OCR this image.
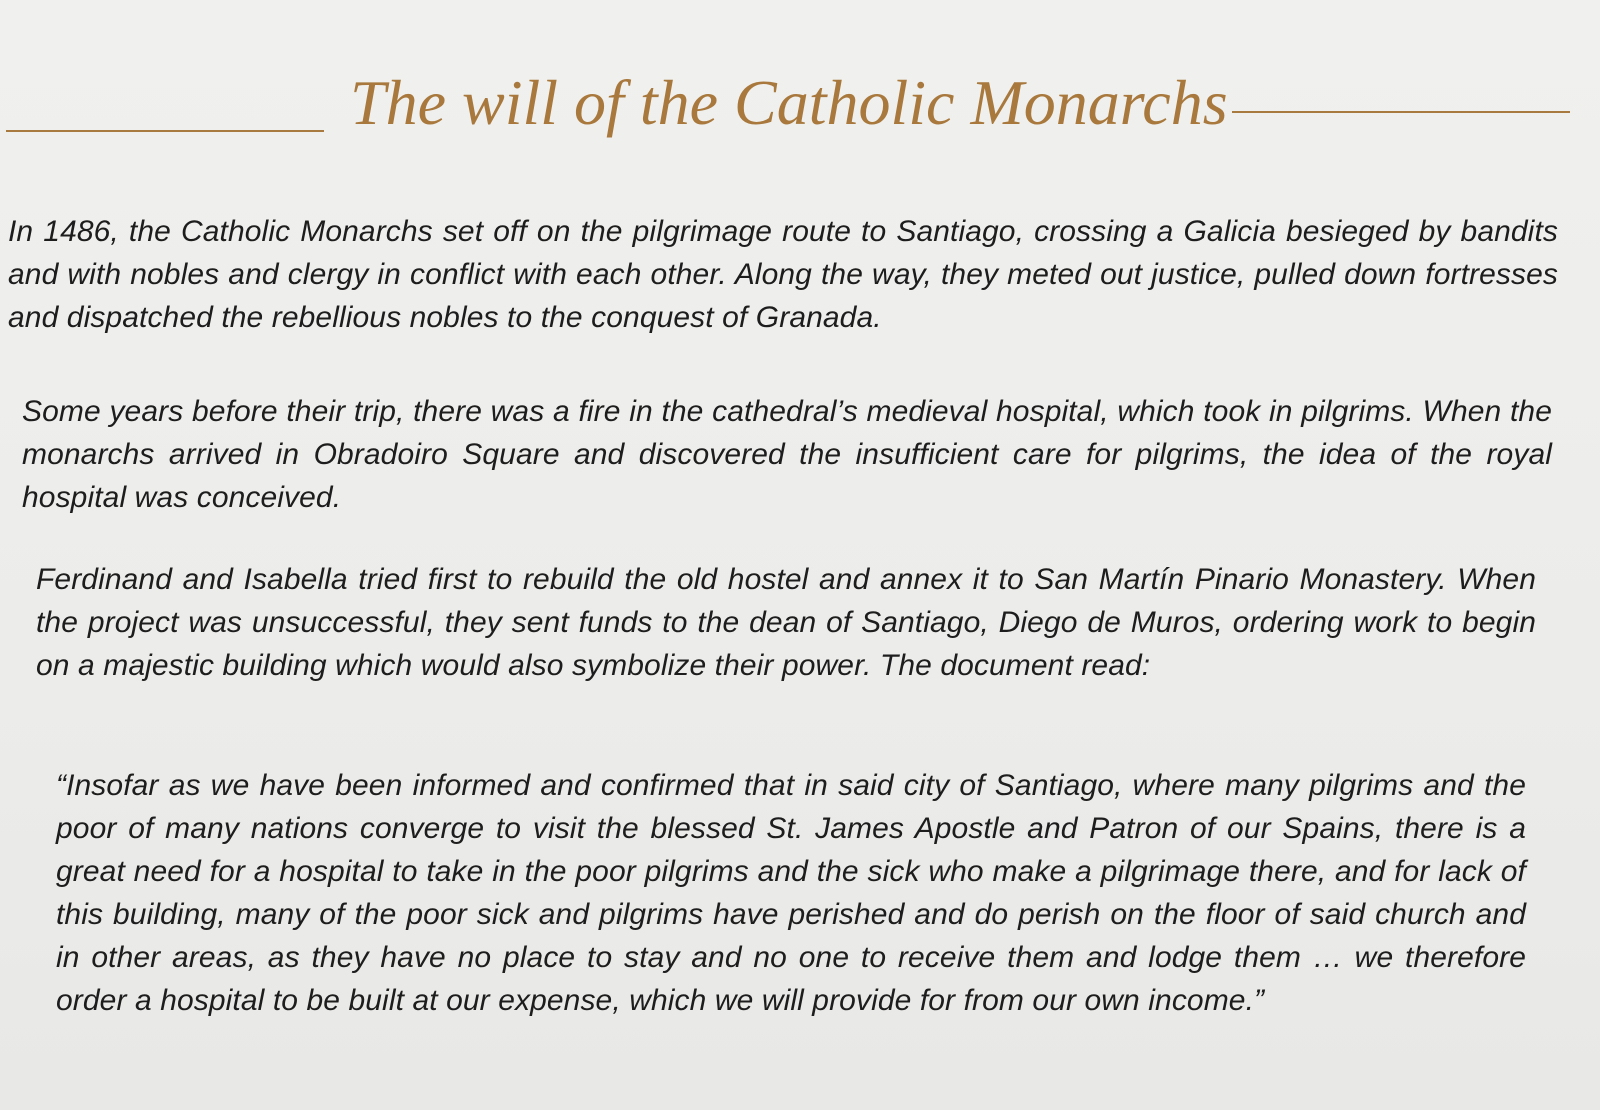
The will of the Catholic Monarchs

In 1486, the Catholic Monarchs set off on the pilgrimage route to Santiago, crossing a Galicia besieged by bandits and with nobles and clergy in conflict with each other. Along the way, they meted out justice, pulled down fortresses and dispatched the rebellious nobles to the conquest of Granada.

Some years before their trip, there was a fire in the cathedral’s medieval hospital, which took in pilgrims. When the monarchs arrived in Obradoiro Square and discovered the insufficient care for pilgrims, the idea of the royal hospital was conceived.

Ferdinand and Isabella tried first to rebuild the old hostel and annex it to San Martín Pinario Monastery. When the project was unsuccessful, they sent funds to the dean of Santiago, Diego de Muros, ordering work to begin on a majestic building which would also symbolize their power. The document read:

“Insofar as we have been informed and confirmed that in said city of Santiago, where many pilgrims and the poor of many nations converge to visit the blessed St. James Apostle and Patron of our Spains, there is a great need for a hospital to take in the poor pilgrims and the sick who make a pilgrimage there, and for lack of this building, many of the poor sick and pilgrims have perished and do perish on the floor of said church and in other areas, as they have no place to stay and no one to receive them and lodge them … we therefore order a hospital to be built at our expense, which we will provide for from our own income.”
